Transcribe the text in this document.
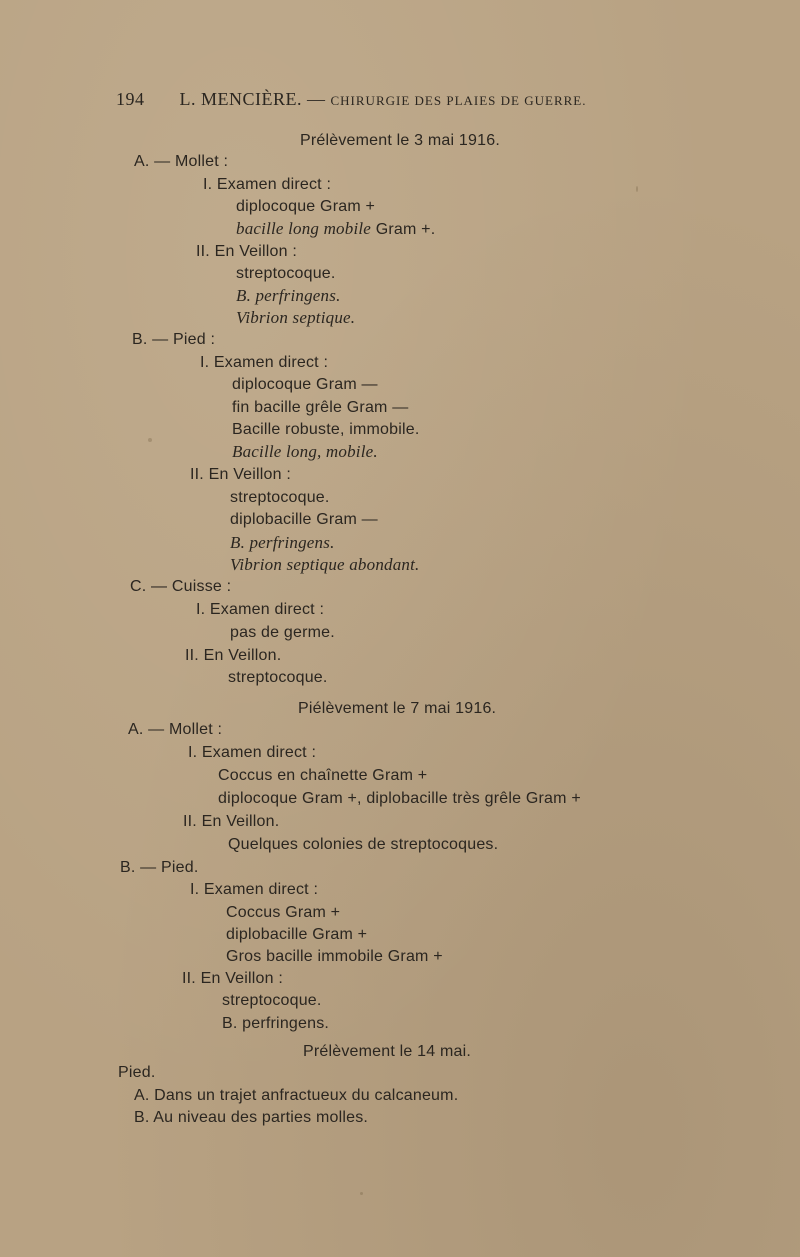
194 L. MENCIÈRE. — CHIRURGIE DES PLAIES DE GUERRE.
Prélèvement le 3 mai 1916.
A. — Mollet :
I. Examen direct :
diplocoque Gram +
bacille long mobile Gram +.
II. En Veillon :
streptocoque.
B. perfringens.
Vibrion septique.
B. — Pied :
I. Examen direct :
diplocoque Gram —
fin bacille grêle Gram —
Bacille robuste, immobile.
Bacille long, mobile.
II. En Veillon :
streptocoque.
diplobacille Gram —
B. perfringens.
Vibrion septique abondant.
C. — Cuisse :
I. Examen direct :
pas de germe.
II. En Veillon.
streptocoque.
Piélèvement le 7 mai 1916.
A. — Mollet :
I. Examen direct :
Coccus en chaînette Gram +
diplocoque Gram +, diplobacille très grêle Gram +
II. En Veillon.
Quelques colonies de streptocoques.
B. — Pied.
I. Examen direct :
Coccus Gram +
diplobacille Gram +
Gros bacille immobile Gram +
II. En Veillon :
streptocoque.
B. perfringens.
Prélèvement le 14 mai.
Pied.
A. Dans un trajet anfractueux du calcaneum.
B. Au niveau des parties molles.
